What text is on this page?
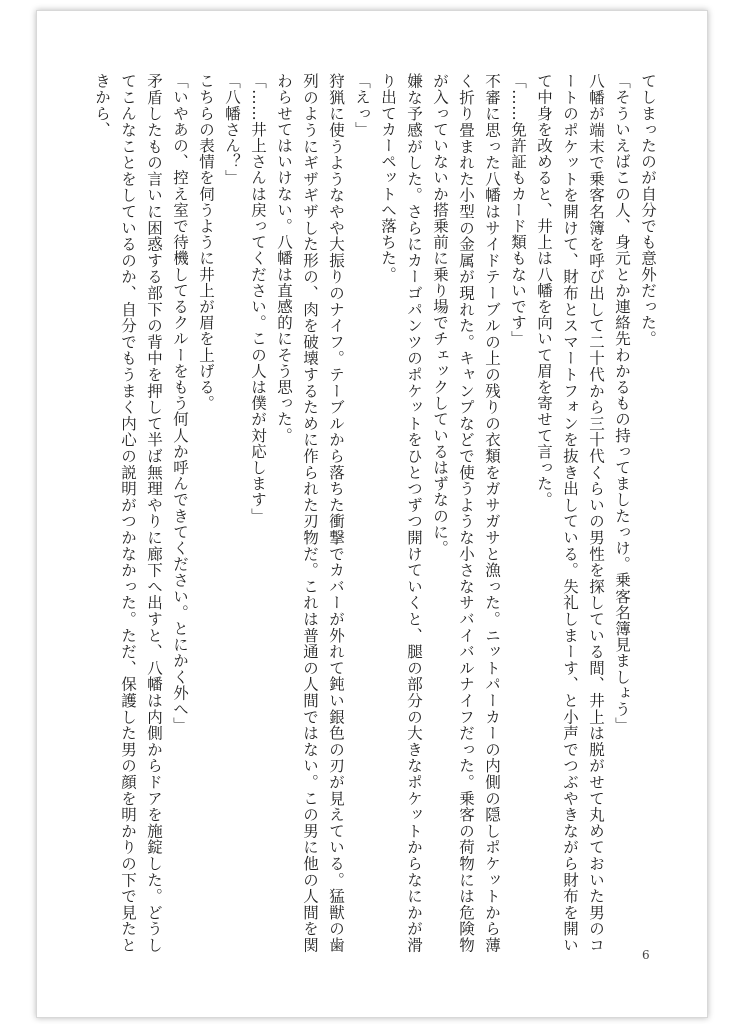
てしまったのが自分でも意外だった。

「そういえばこの人、身元とか連絡先わかるもの持ってましたっけ。乗客名簿見ましょう」

八幡が端末で乗客名簿を呼び出して二十代から三十代くらいの男性を探している間、井上は脱がせて丸めておいた男のコートのポケットを開けて、財布とスマートフォンを抜き出している。失礼しまーす、と小声でつぶやきながら財布を開いて中身を改めると、井上は八幡を向いて眉を寄せて言った。

「……免許証もカード類もないです」

不審に思った八幡はサイドテーブルの上の残りの衣類をガサガサと漁った。ニットパーカーの内側の隠しポケットから薄く折り畳まれた小型の金属が現れた。キャンプなどで使うような小さなサバイバルナイフだった。乗客の荷物には危険物が入っていないか搭乗前に乗り場でチェックしているはずなのに。

嫌な予感がした。さらにカーゴパンツのポケットをひとつずつ開けていくと、腿の部分の大きなポケットからなにかが滑り出てカーペットへ落ちた。

「えっ」

狩猟に使うようなやや大振りのナイフ。テーブルから落ちた衝撃でカバーが外れて鈍い銀色の刃が見えている。猛獣の歯列のようにギザギザした形の、肉を破壊するために作られた刃物だ。これは普通の人間ではない。この男に他の人間を関わらせてはいけない。八幡は直感的にそう思った。

「……井上さんは戻ってください。この人は僕が対応します」

「八幡さん？」

こちらの表情を伺うように井上が眉を上げる。

「いやあの、控え室で待機してるクルーをもう何人か呼んできてください。とにかく外へ」

矛盾したもの言いに困惑する部下の背中を押して半ば無理やりに廊下へ出すと、八幡は内側からドアを施錠した。どうしてこんなことをしているのか、自分でもうまく内心の説明がつかなかった。ただ、保護した男の顔を明かりの下で見たときから、

6
